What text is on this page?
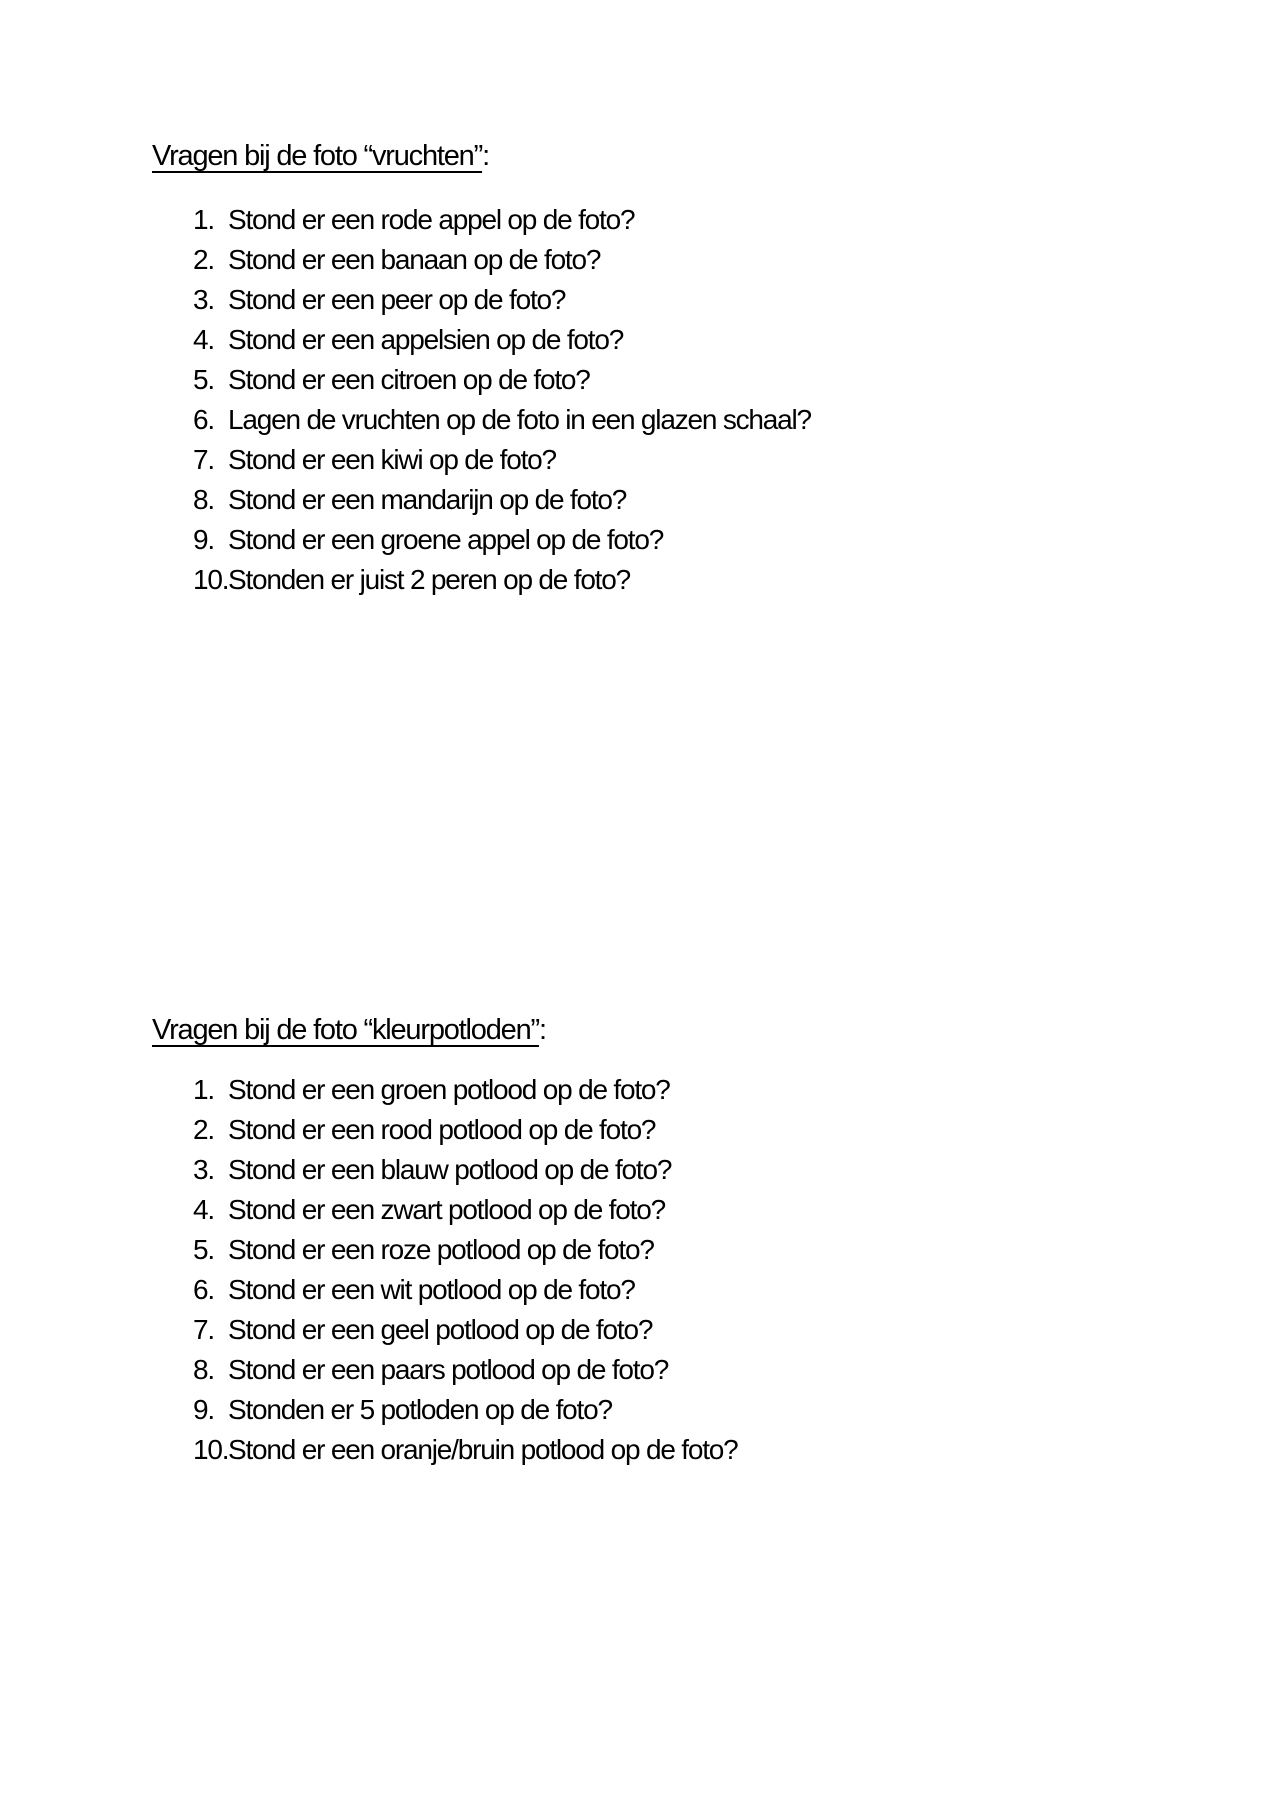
Vragen bij de foto “vruchten”:
1. Stond er een rode appel op de foto?
2. Stond er een banaan op de foto?
3. Stond er een peer op de foto?
4. Stond er een appelsien op de foto?
5. Stond er een citroen op de foto?
6. Lagen de vruchten op de foto in een glazen schaal?
7. Stond er een kiwi op de foto?
8. Stond er een mandarijn op de foto?
9. Stond er een groene appel op de foto?
10. Stonden er juist 2 peren op de foto?
Vragen bij de foto “kleurpotloden”:
1. Stond er een groen potlood op de foto?
2. Stond er een rood potlood op de foto?
3. Stond er een blauw potlood op de foto?
4. Stond er een zwart potlood op de foto?
5. Stond er een roze potlood op de foto?
6. Stond er een wit potlood op de foto?
7. Stond er een geel potlood op de foto?
8. Stond er een paars potlood op de foto?
9. Stonden er 5 potloden op de foto?
10. Stond er een oranje/bruin potlood op de foto?
